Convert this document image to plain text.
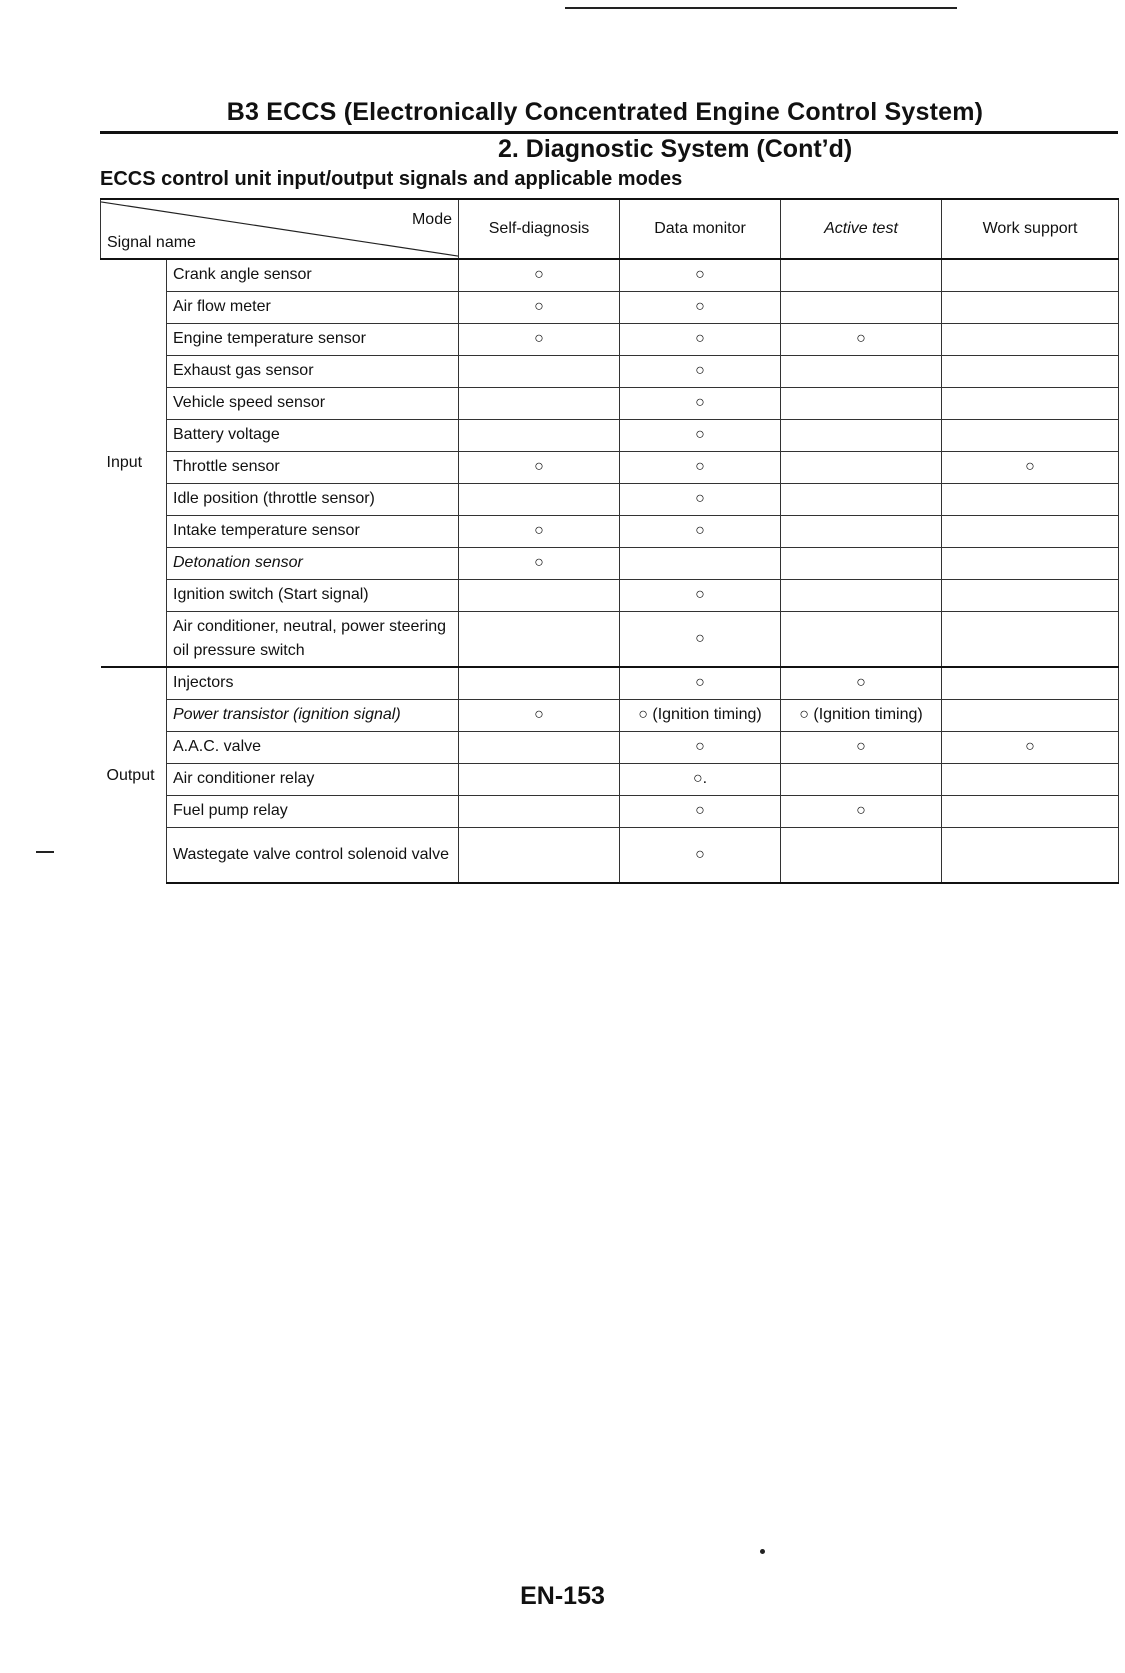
B3 ECCS (Electronically Concentrated Engine Control System)
2. Diagnostic System (Cont’d)
ECCS control unit input/output signals and applicable modes
Mode
Signal name		Self-diagnosis	Data monitor	Active test	Work support
Input	Crank angle sensor	○	○		
	Air flow meter	○	○		
	Engine temperature sensor	○	○	○	
	Exhaust gas sensor		○		
	Vehicle speed sensor		○		
	Battery voltage		○		
	Throttle sensor	○	○		○
	Idle position (throttle sensor)		○		
	Intake temperature sensor	○	○		
	Detonation sensor	○			
	Ignition switch (Start signal)		○		
	Air conditioner, neutral, power steering oil pressure switch		○		
Output	Injectors		○	○	
	Power transistor (ignition signal)	○	○ (Ignition timing)	○ (Ignition timing)	
	A.A.C. valve		○	○	○
	Air conditioner relay		○.		
	Fuel pump relay		○	○	
	Wastegate valve control solenoid valve		○		
EN-153
